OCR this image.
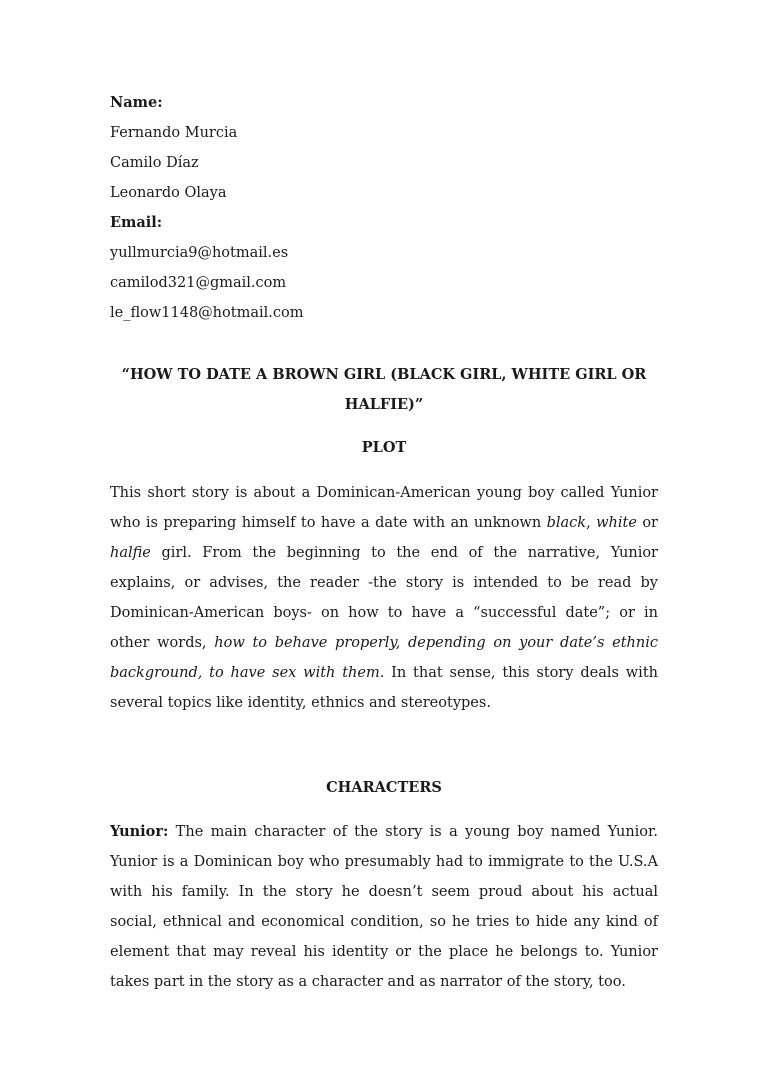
Name:
Fernando Murcia
Camilo Díaz
Leonardo Olaya
Email:
yullmurcia9@hotmail.es
camilod321@gmail.com
le_flow1148@hotmail.com
“HOW TO DATE A BROWN GIRL (BLACK GIRL, WHITE GIRL OR
HALFIE)”
PLOT
This short story is about a Dominican-American young boy called Yunior
who is preparing himself to have a date with an unknown black, white or
halfie girl. From the beginning to the end of the narrative, Yunior
explains, or advises, the reader -the story is intended to be read by
Dominican-American boys- on how to have a “successful date”; or in
other words, how to behave properly, depending on your date’s ethnic
background, to have sex with them. In that sense, this story deals with
several topics like identity, ethnics and stereotypes.
CHARACTERS
Yunior: The main character of the story is a young boy named Yunior.
Yunior is a Dominican boy who presumably had to immigrate to the U.S.A
with his family. In the story he doesn’t seem proud about his actual
social, ethnical and economical condition, so he tries to hide any kind of
element that may reveal his identity or the place he belongs to. Yunior
takes part in the story as a character and as narrator of the story, too.
